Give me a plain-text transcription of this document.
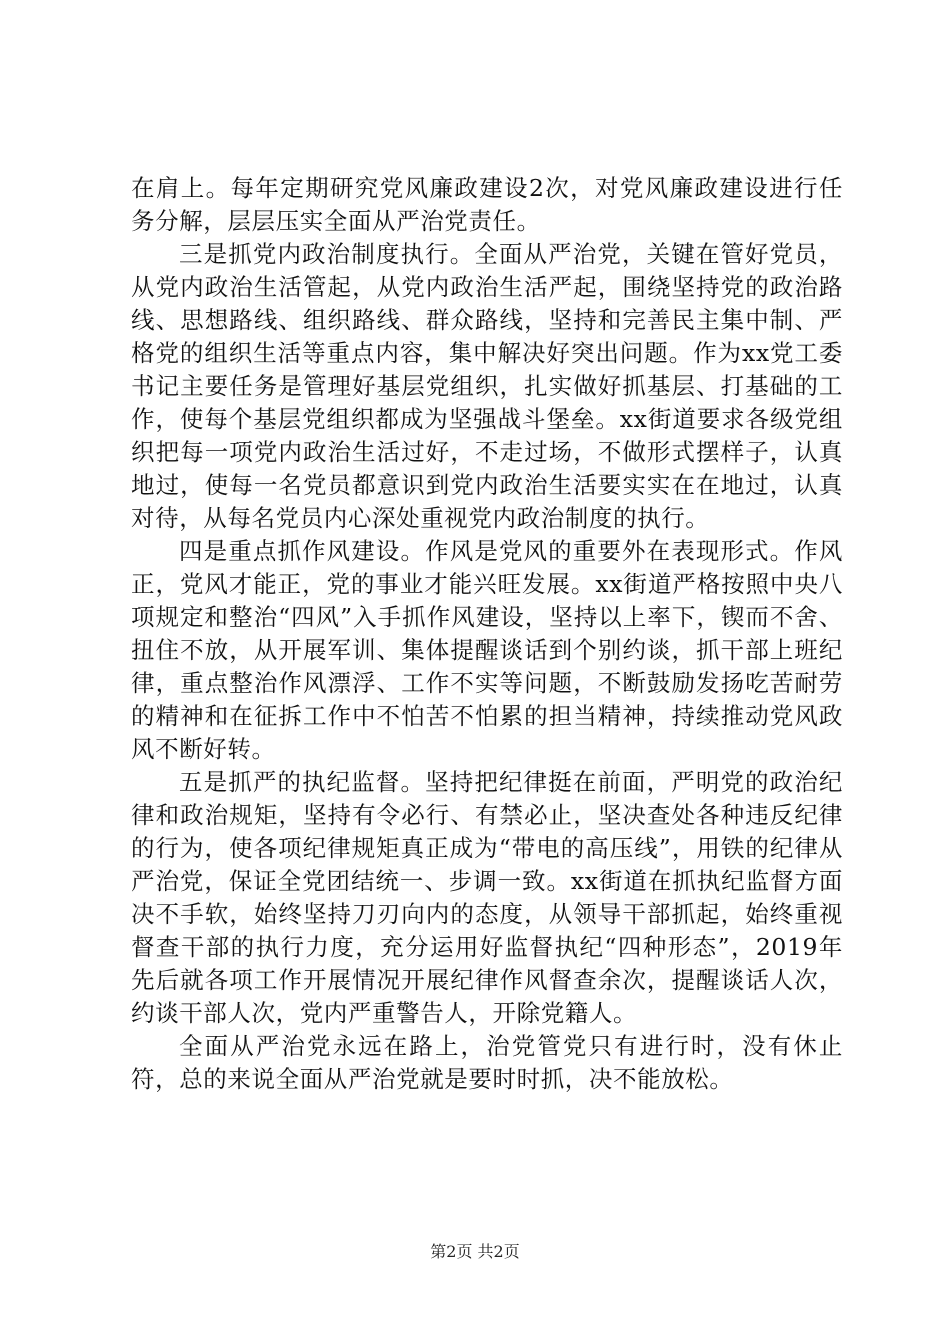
在肩上。每年定期研究党风廉政建设2次，对党风廉政建设进行任务分解，层层压实全面从严治党责任。

三是抓党内政治制度执行。全面从严治党，关键在管好党员，从党内政治生活管起，从党内政治生活严起，围绕坚持党的政治路线、思想路线、组织路线、群众路线，坚持和完善民主集中制、严格党的组织生活等重点内容，集中解决好突出问题。作为xx党工委书记主要任务是管理好基层党组织，扎实做好抓基层、打基础的工作，使每个基层党组织都成为坚强战斗堡垒。xx街道要求各级党组织把每一项党内政治生活过好，不走过场，不做形式摆样子，认真地过，使每一名党员都意识到党内政治生活要实实在在地过，认真对待，从每名党员内心深处重视党内政治制度的执行。

四是重点抓作风建设。作风是党风的重要外在表现形式。作风正，党风才能正，党的事业才能兴旺发展。xx街道严格按照中央八项规定和整治“四风”入手抓作风建设，坚持以上率下，锲而不舍、扭住不放，从开展军训、集体提醒谈话到个别约谈，抓干部上班纪律，重点整治作风漂浮、工作不实等问题，不断鼓励发扬吃苦耐劳的精神和在征拆工作中不怕苦不怕累的担当精神，持续推动党风政风不断好转。

五是抓严的执纪监督。坚持把纪律挺在前面，严明党的政治纪律和政治规矩，坚持有令必行、有禁必止，坚决查处各种违反纪律的行为，使各项纪律规矩真正成为“带电的高压线”，用铁的纪律从严治党，保证全党团结统一、步调一致。xx街道在抓执纪监督方面决不手软，始终坚持刀刃向内的态度，从领导干部抓起，始终重视督查干部的执行力度，充分运用好监督执纪“四种形态”，2019年先后就各项工作开展情况开展纪律作风督查余次，提醒谈话人次，约谈干部人次，党内严重警告人，开除党籍人。

全面从严治党永远在路上，治党管党只有进行时，没有休止符，总的来说全面从严治党就是要时时抓，决不能放松。

第2页 共2页
